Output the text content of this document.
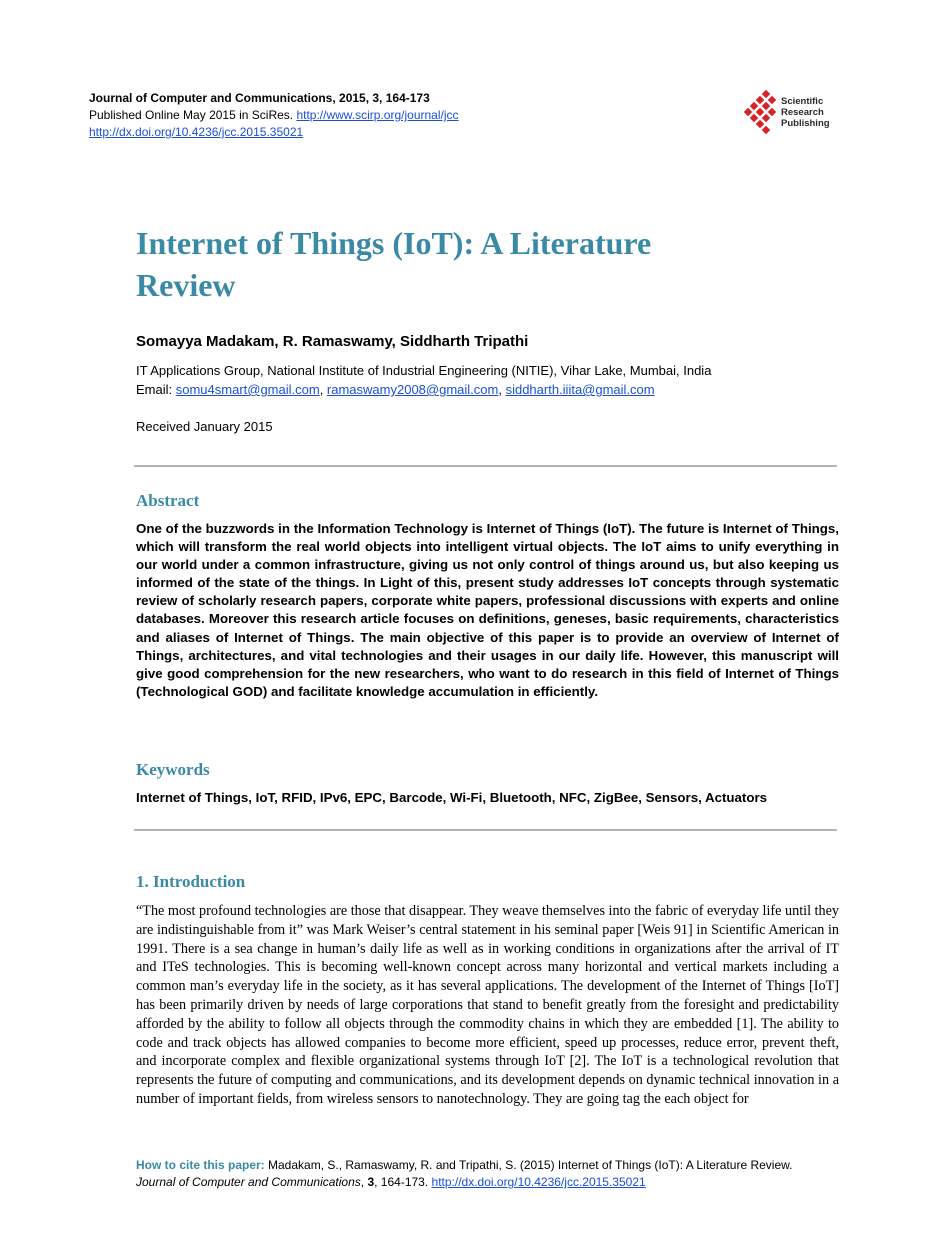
Journal of Computer and Communications, 2015, 3, 164-173
Published Online May 2015 in SciRes. http://www.scirp.org/journal/jcc
http://dx.doi.org/10.4236/jcc.2015.35021
Scientific
Research
Publishing
Internet of Things (IoT): A Literature
Review
Somayya Madakam, R. Ramaswamy, Siddharth Tripathi
IT Applications Group, National Institute of Industrial Engineering (NITIE), Vihar Lake, Mumbai, India
Email: somu4smart@gmail.com, ramaswamy2008@gmail.com, siddharth.iiita@gmail.com
Received January 2015
Abstract
One of the buzzwords in the Information Technology is Internet of Things (IoT). The future is Internet of Things, which will transform the real world objects into intelligent virtual objects. The IoT aims to unify everything in our world under a common infrastructure, giving us not only control of things around us, but also keeping us informed of the state of the things. In Light of this, present study addresses IoT concepts through systematic review of scholarly research papers, corporate white papers, professional discussions with experts and online databases. Moreover this research article focuses on definitions, geneses, basic requirements, characteristics and aliases of Internet of Things. The main objective of this paper is to provide an overview of Internet of Things, architectures, and vital technologies and their usages in our daily life. However, this manuscript will give good comprehension for the new researchers, who want to do research in this field of Internet of Things (Technological GOD) and facilitate knowledge accumulation in efficiently.
Keywords
Internet of Things, IoT, RFID, IPv6, EPC, Barcode, Wi-Fi, Bluetooth, NFC, ZigBee, Sensors, Actuators
1. Introduction
“The most profound technologies are those that disappear. They weave themselves into the fabric of everyday life until they are indistinguishable from it” was Mark Weiser’s central statement in his seminal paper [Weis 91] in Scientific American in 1991. There is a sea change in human’s daily life as well as in working conditions in organizations after the arrival of IT and ITeS technologies. This is becoming well-known concept across many horizontal and vertical markets including a common man’s everyday life in the society, as it has several applications. The development of the Internet of Things [IoT] has been primarily driven by needs of large corporations that stand to benefit greatly from the foresight and predictability afforded by the ability to follow all objects through the commodity chains in which they are embedded [1]. The ability to code and track objects has allowed companies to become more efficient, speed up processes, reduce error, prevent theft, and incorporate complex and flexible organizational systems through IoT [2]. The IoT is a technological revolution that represents the future of computing and communications, and its development depends on dynamic technical innovation in a number of important fields, from wireless sensors to nanotechnology. They are going tag the each object for
How to cite this paper: Madakam, S., Ramaswamy, R. and Tripathi, S. (2015) Internet of Things (IoT): A Literature Review.
Journal of Computer and Communications, 3, 164-173. http://dx.doi.org/10.4236/jcc.2015.35021
